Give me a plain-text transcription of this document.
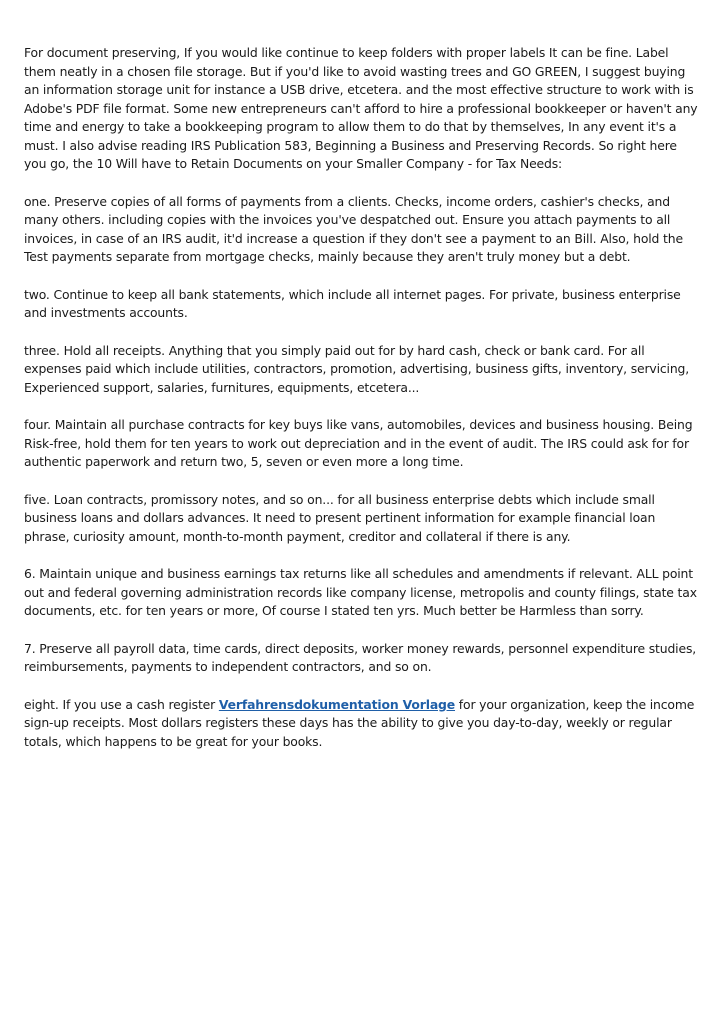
For document preserving, If you would like continue to keep folders with proper labels It can be fine. Label them neatly in a chosen file storage. But if you'd like to avoid wasting trees and GO GREEN, I suggest buying an information storage unit for instance a USB drive, etcetera. and the most effective structure to work with is Adobe's PDF file format. Some new entrepreneurs can't afford to hire a professional bookkeeper or haven't any time and energy to take a bookkeeping program to allow them to do that by themselves, In any event it's a must. I also advise reading IRS Publication 583, Beginning a Business and Preserving Records. So right here you go, the 10 Will have to Retain Documents on your Smaller Company - for Tax Needs:

one. Preserve copies of all forms of payments from a clients. Checks, income orders, cashier's checks, and many others. including copies with the invoices you've despatched out. Ensure you attach payments to all invoices, in case of an IRS audit, it'd increase a question if they don't see a payment to an Bill. Also, hold the Test payments separate from mortgage checks, mainly because they aren't truly money but a debt.

two. Continue to keep all bank statements, which include all internet pages. For private, business enterprise and investments accounts.

three. Hold all receipts. Anything that you simply paid out for by hard cash, check or bank card. For all expenses paid which include utilities, contractors, promotion, advertising, business gifts, inventory, servicing, Experienced support, salaries, furnitures, equipments, etcetera...

four. Maintain all purchase contracts for key buys like vans, automobiles, devices and business housing. Being Risk-free, hold them for ten years to work out depreciation and in the event of audit. The IRS could ask for for authentic paperwork and return two, 5, seven or even more a long time.

five. Loan contracts, promissory notes, and so on... for all business enterprise debts which include small business loans and dollars advances. It need to present pertinent information for example financial loan phrase, curiosity amount, month-to-month payment, creditor and collateral if there is any.

6. Maintain unique and business earnings tax returns like all schedules and amendments if relevant. ALL point out and federal governing administration records like company license, metropolis and county filings, state tax documents, etc. for ten years or more, Of course I stated ten yrs. Much better be Harmless than sorry.

7. Preserve all payroll data, time cards, direct deposits, worker money rewards, personnel expenditure studies, reimbursements, payments to independent contractors, and so on.

eight. If you use a cash register Verfahrensdokumentation Vorlage for your organization, keep the income sign-up receipts. Most dollars registers these days has the ability to give you day-to-day, weekly or regular totals, which happens to be great for your books.
